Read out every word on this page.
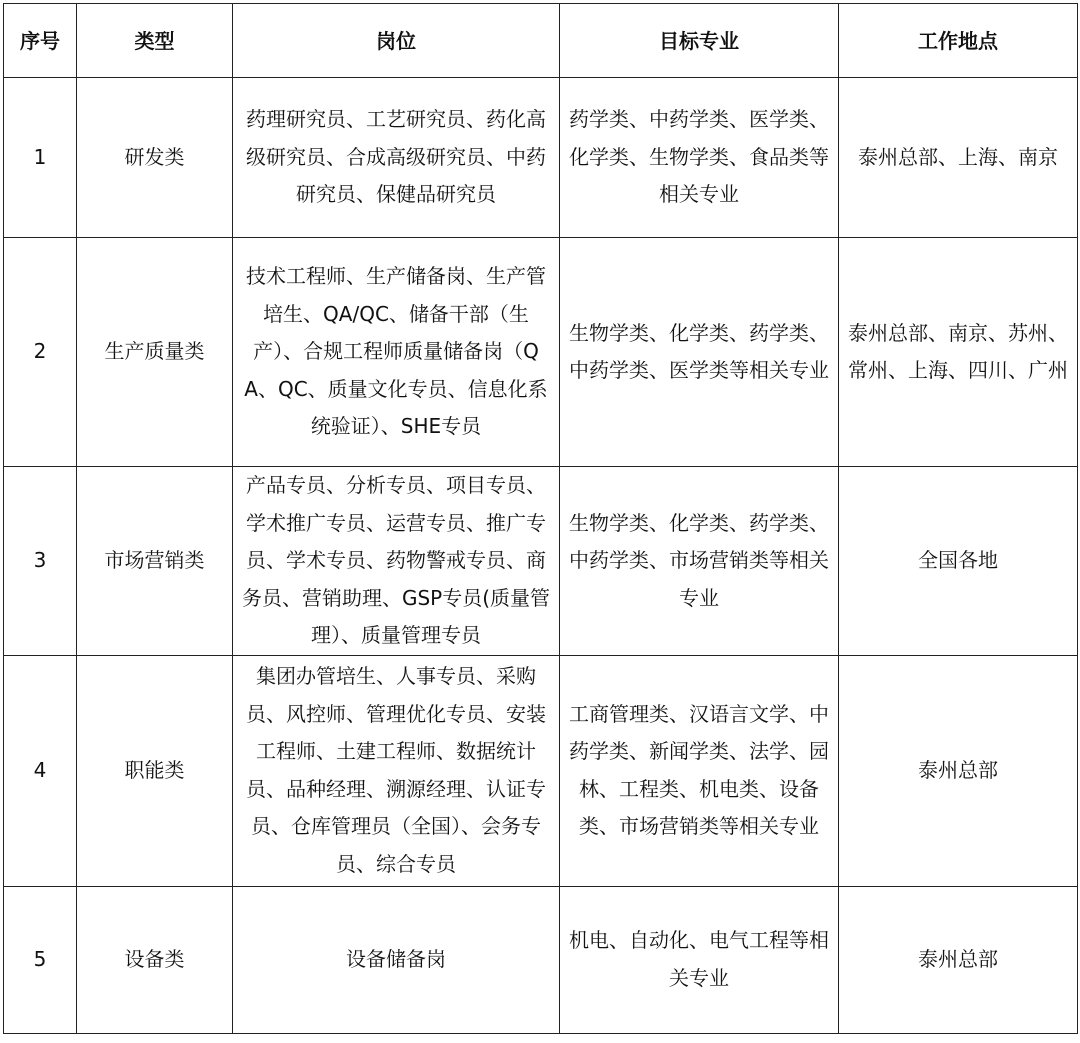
序号	类型	岗位	目标专业	工作地点
1	研发类	药理研究员、工艺研究员、药化高级研究员、合成高级研究员、中药研究员、保健品研究员	药学类、中药学类、医学类、化学类、生物学类、食品类等相关专业	泰州总部、上海、南京
2	生产质量类	技术工程师、生产储备岗、生产管培生、QA/QC、储备干部（生产）、合规工程师质量储备岗（QA、QC、质量文化专员、信息化系统验证）、SHE专员	生物学类、化学类、药学类、中药学类、医学类等相关专业	泰州总部、南京、苏州、常州、上海、四川、广州
3	市场营销类	产品专员、分析专员、项目专员、学术推广专员、运营专员、推广专员、学术专员、药物警戒专员、商务员、营销助理、GSP专员(质量管理）、质量管理专员	生物学类、化学类、药学类、中药学类、市场营销类等相关专业	全国各地
4	职能类	集团办管培生、人事专员、采购员、风控师、管理优化专员、安装工程师、土建工程师、数据统计员、品种经理、溯源经理、认证专员、仓库管理员（全国）、会务专员、综合专员	工商管理类、汉语言文学、中药学类、新闻学类、法学、园林、工程类、机电类、设备类、市场营销类等相关专业	泰州总部
5	设备类	设备储备岗	机电、自动化、电气工程等相关专业	泰州总部
